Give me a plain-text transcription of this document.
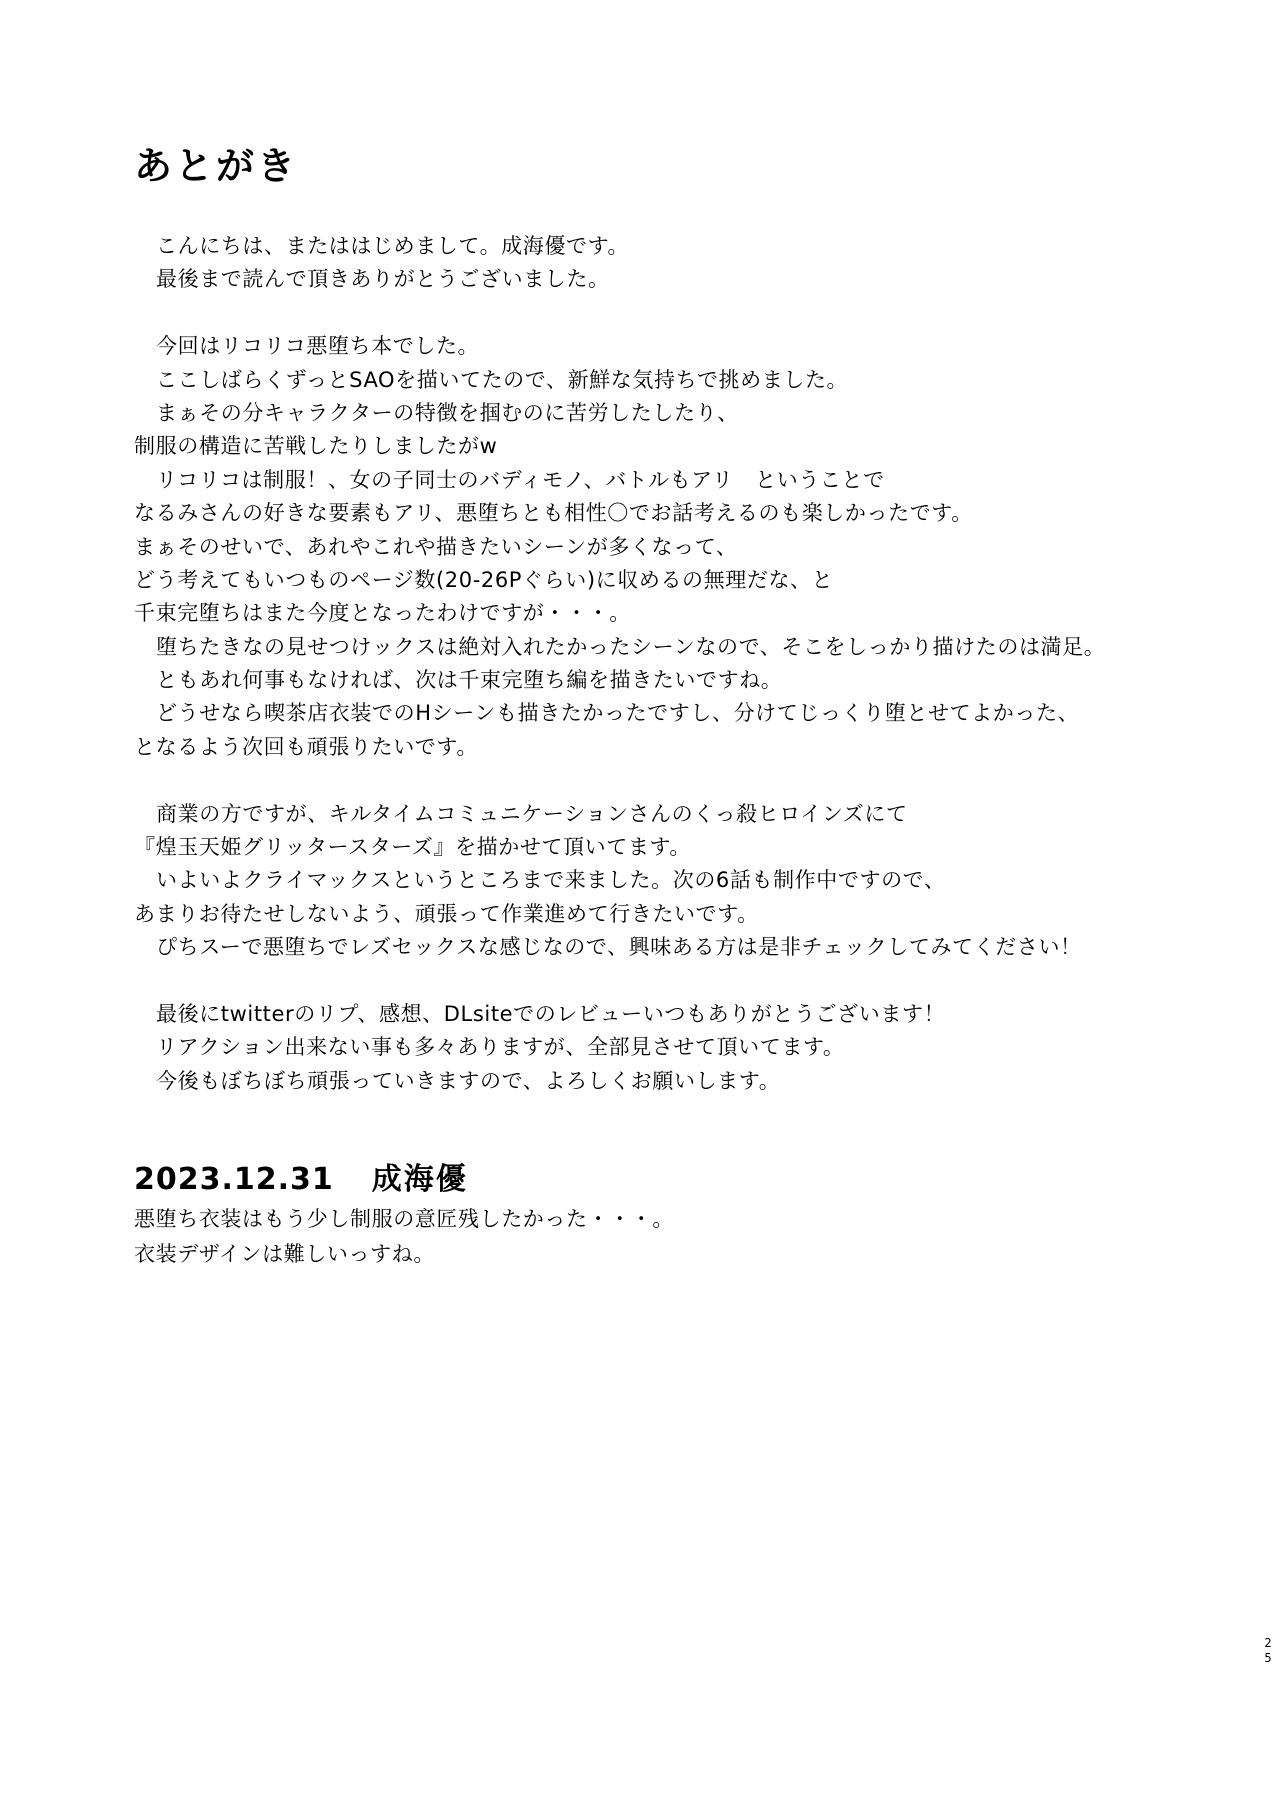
あとがき
こんにちは、またははじめまして。成海優です。
最後まで読んで頂きありがとうございました。
今回はリコリコ悪堕ち本でした。
ここしばらくずっとSAOを描いてたので、新鮮な気持ちで挑めました。
まぁその分キャラクターの特徴を掴むのに苦労したしたり、
制服の構造に苦戦したりしましたがw
リコリコは制服！、女の子同士のバディモノ、バトルもアリ　ということで
なるみさんの好きな要素もアリ、悪堕ちとも相性〇でお話考えるのも楽しかったです。
まぁそのせいで、あれやこれや描きたいシーンが多くなって、
どう考えてもいつものページ数(20-26Pぐらい)に収めるの無理だな、と
千束完堕ちはまた今度となったわけですが・・・。
堕ちたきなの見せつけックスは絶対入れたかったシーンなので、そこをしっかり描けたのは満足。
ともあれ何事もなければ、次は千束完堕ち編を描きたいですね。
どうせなら喫茶店衣装でのHシーンも描きたかったですし、分けてじっくり堕とせてよかった、
となるよう次回も頑張りたいです。
商業の方ですが、キルタイムコミュニケーションさんのくっ殺ヒロインズにて
『煌玉天姫グリッタースターズ』を描かせて頂いてます。
いよいよクライマックスというところまで来ました。次の6話も制作中ですので、
あまりお待たせしないよう、頑張って作業進めて行きたいです。
ぴちスーで悪堕ちでレズセックスな感じなので、興味ある方は是非チェックしてみてください！
最後にtwitterのリプ、感想、DLsiteでのレビューいつもありがとうございます！
リアクション出来ない事も多々ありますが、全部見させて頂いてます。
今後もぼちぼち頑張っていきますので、よろしくお願いします。
2023.12.31 成海優
悪堕ち衣装はもう少し制服の意匠残したかった・・・。
衣装デザインは難しいっすね。
25
